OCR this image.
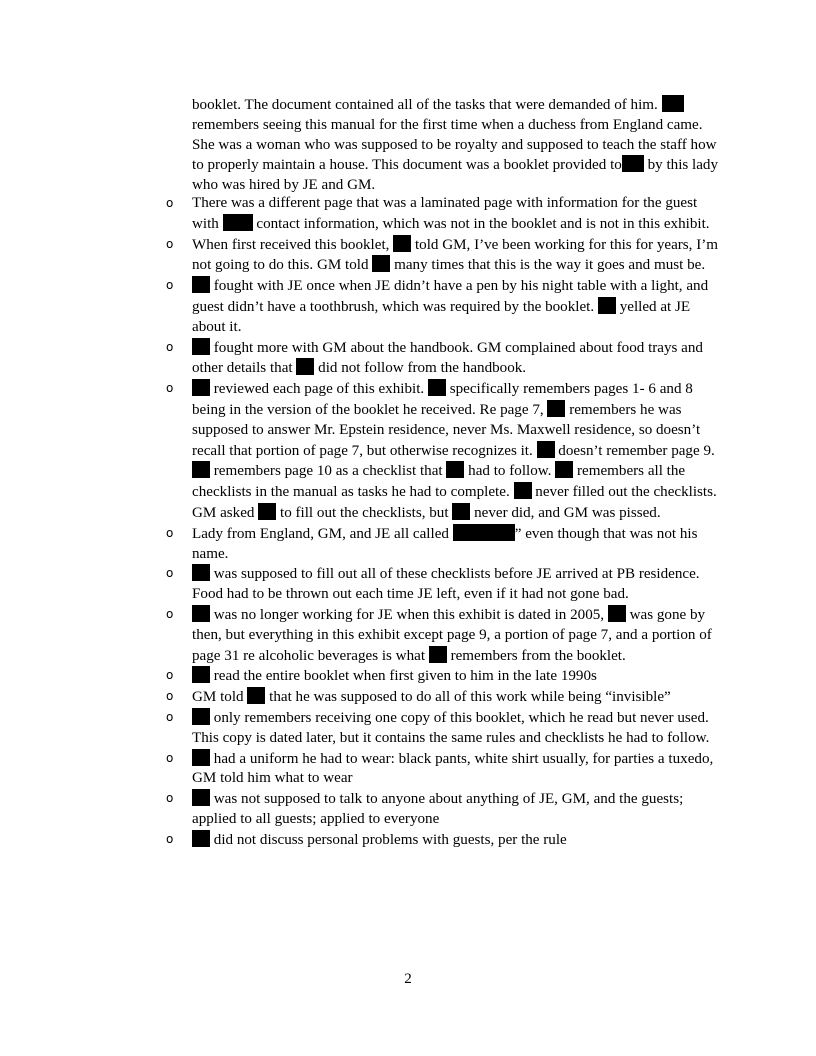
booklet. The document contained all of the tasks that were demanded of him.  remembers seeing this manual for the first time when a duchess from England came. She was a woman who was supposed to be royalty and supposed to teach the staff how to properly maintain a house. This document was a booklet provided to by this lady who was hired by JE and GM.
o There was a different page that was a laminated page with information for the guest with  contact information, which was not in the booklet and is not in this exhibit.
o When first received this booklet,  told GM, I’ve been working for this for years, I’m not going to do this. GM told  many times that this is the way it goes and must be.
o fought with JE once when JE didn’t have a pen by his night table with a light, and guest didn’t have a toothbrush, which was required by the booklet.  yelled at JE about it.
o fought more with GM about the handbook. GM complained about food trays and other details that  did not follow from the handbook.
o reviewed each page of this exhibit.  specifically remembers pages 1- 6 and 8 being in the version of the booklet he received. Re page 7,  remembers he was supposed to answer Mr. Epstein residence, never Ms. Maxwell residence, so doesn’t recall that portion of page 7, but otherwise recognizes it.  doesn’t remember page 9.  remembers page 10 as a checklist that  had to follow.  remembers all the checklists in the manual as tasks he had to complete.  never filled out the checklists. GM asked  to fill out the checklists, but  never did, and GM was pissed.
o Lady from England, GM, and JE all called	” even though that was not his name.
o was supposed to fill out all of these checklists before JE arrived at PB residence. Food had to be thrown out each time JE left, even if it had not gone bad.
o was no longer working for JE when this exhibit is dated in 2005,  was gone by then, but everything in this exhibit except page 9, a portion of page 7, and a portion of page 31 re alcoholic beverages is what  remembers from the booklet.
o read the entire booklet when first given to him in the late 1990s
o GM told  that he was supposed to do all of this work while being “invisible”
o only remembers receiving one copy of this booklet, which he read but never used. This copy is dated later, but it contains the same rules and checklists he had to follow.
o had a uniform he had to wear: black pants, white shirt usually, for parties a tuxedo, GM told him what to wear
o was not supposed to talk to anyone about anything of JE, GM, and the guests; applied to all guests; applied to everyone
o did not discuss personal problems with guests, per the rule
2
